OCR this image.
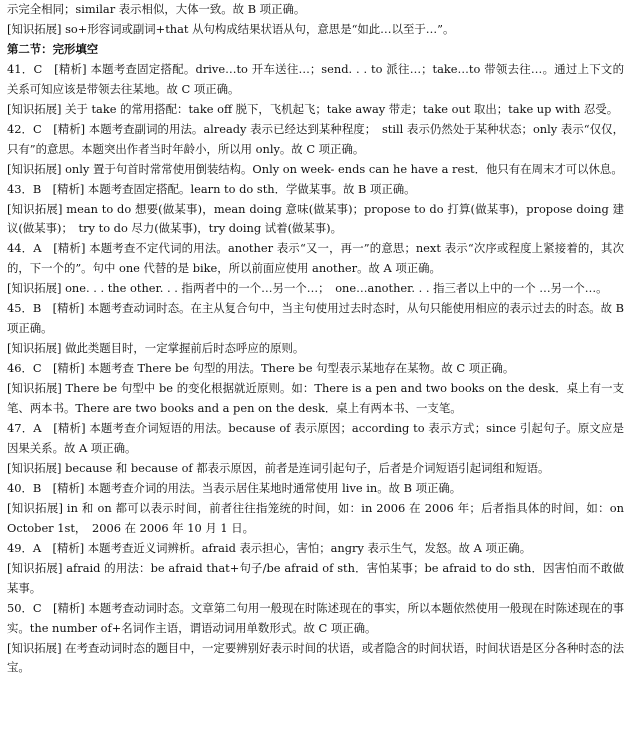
示完全相同；similar 表示相似，大体一致。故 B 项正确。

[知识拓展] so+形容词或副词+that 从句构成结果状语从句，意思是“如此…以至于…”。

第二节：完形填空

41．C　[精析] 本题考查固定搭配。drive…to 开车送往…；send. . . to 派往…；take…to 带领去往…。通过上下文的关系可知应该是带领去往某地。故 C 项正确。

[知识拓展] 关于 take 的常用搭配：take off 脱下，飞机起飞；take away 带走；take out 取出；take up with 忍受。

42．C　[精析] 本题考查副词的用法。already 表示已经达到某种程度；　still 表示仍然处于某种状态；only 表示“仅仅，只有”的意思。本题突出作者当时年龄小，所以用 only。故 C 项正确。

[知识拓展] only 置于句首时常常使用倒装结构。Only on week- ends can he have a rest．他只有在周末才可以休息。

43．B　[精析] 本题考查固定搭配。learn to do sth．学做某事。故 B 项正确。

[知识拓展] mean to do 想要(做某事)，mean doing 意味(做某事)；propose to do 打算(做某事)，propose doing 建议(做某事)；　try to do 尽力(做某事)，try doing 试着(做某事)。

44．A　[精析] 本题考查不定代词的用法。another 表示“又一，再一”的意思；next 表示“次序或程度上紧接着的，其次的，下一个的”。句中 one 代替的是 bike，所以前面应使用 another。故 A 项正确。

[知识拓展] one. . . the other. . . 指两者中的一个…另一个…；　one…another. . . 指三者以上中的一个 …另一个…。

45．B　[精析] 本题考查动词时态。在主从复合句中，当主句使用过去时态时，从句只能使用相应的表示过去的时态。故 B 项正确。

[知识拓展] 做此类题目时，一定掌握前后时态呼应的原则。

46．C　[精析] 本题考查 There be 句型的用法。There be 句型表示某地存在某物。故 C 项正确。

[知识拓展] There be 句型中 be 的变化根据就近原则。如：There is a pen and two books on the desk．桌上有一支笔、两本书。There are two books and a pen on the desk．桌上有两本书、一支笔。

47．A　[精析] 本题考查介词短语的用法。because of 表示原因；according to 表示方式；since 引起句子。原文应是因果关系。故 A 项正确。

[知识拓展] because 和 because of 都表示原因，前者是连词引起句子，后者是介词短语引起词组和短语。

40．B　[精析] 本题考查介词的用法。当表示居住某地时通常使用 live in。故 B 项正确。

[知识拓展] in 和 on 都可以表示时间，前者往往指笼统的时间，如：in 2006 在 2006 年；后者指具体的时间，如：on October 1st，　2006 在 2006 年 10 月 1 日。

49．A　[精析] 本题考查近义词辨析。afraid 表示担心，害怕；angry 表示生气，发怒。故 A 项正确。

[知识拓展] afraid 的用法：be afraid that+句子/be afraid of sth．害怕某事；be afraid to do sth．因害怕而不敢做某事。

50．C　[精析] 本题考查动词时态。文章第二句用一般现在时陈述现在的事实，所以本题依然使用一般现在时陈述现在的事实。the number of+名词作主语，谓语动词用单数形式。故 C 项正确。

[知识拓展] 在考查动词时态的题目中，一定要辨别好表示时间的状语，或者隐含的时间状语，时间状语是区分各种时态的法宝。
